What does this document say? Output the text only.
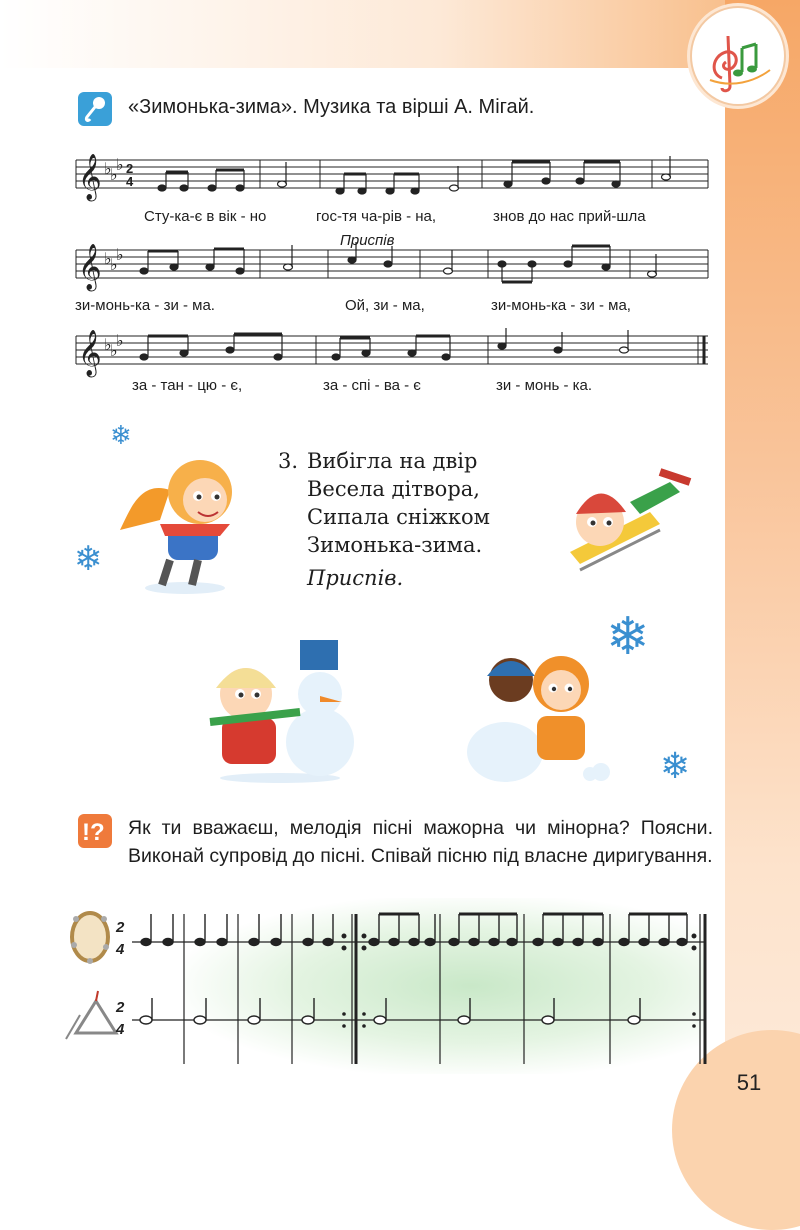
51
«Зимонька-зима». Музика та вірші А. Мігай.
𝄞 ♭
♭
♭ 2
4
𝄞 ♭
♭
♭
𝄞 ♭
♭
♭
Сту-ка-є в вік - но	гос-тя ча-рів - на,	знов до нас прий-шла
Приспів
зи-монь-ка - зи - ма.	Ой, зи - ма,	зи-монь-ка - зи - ма,
за - тан - цю - є,	за - спі - ва - є	зи - монь - ка.
3. Вибігла на двір
Весела дітвора,
Сипала сніжком
Зимонька-зима.
Приспів.
❄
❄
❄
❄
!? Як ти вважаєш, мелодія пісні мажорна чи мінорна? Поясни. Виконай супровід до пісні. Співай пісню під власне диригування.
2
4
2
4
